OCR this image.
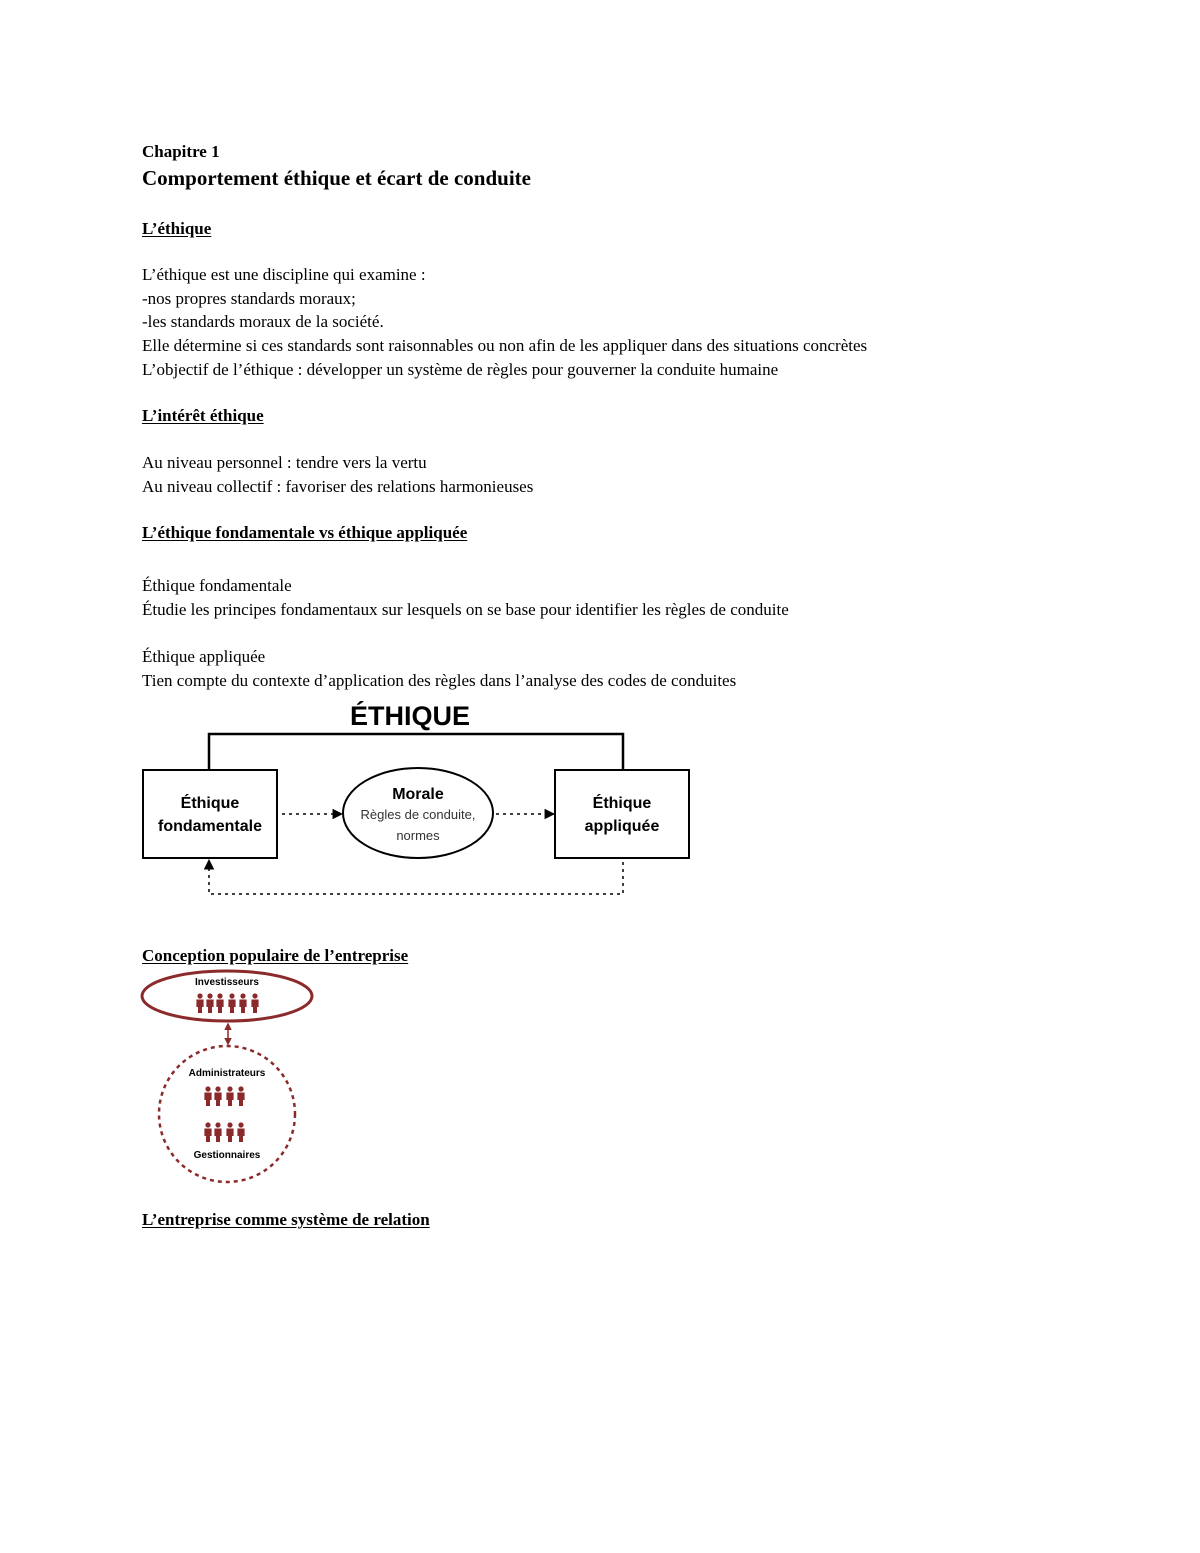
Chapitre 1
Comportement éthique et écart de conduite
L’éthique
L’éthique est une discipline qui examine :
-nos propres standards moraux;
-les standards moraux de la société.
Elle détermine si ces standards sont raisonnables ou non afin de les appliquer dans des situations concrètes
L’objectif de l’éthique : développer un système de règles pour gouverner la conduite humaine
L’intérêt éthique
Au niveau personnel : tendre vers la vertu
Au niveau collectif : favoriser des relations harmonieuses
L’éthique fondamentale vs éthique appliquée
Éthique fondamentale
Étudie les principes fondamentaux sur lesquels on se base pour identifier les règles de conduite
Éthique appliquée
Tien compte du contexte d’application des règles dans l’analyse des codes de conduites
ÉTHIQUE
Éthique
fondamentale
Éthique
appliquée
Morale
Règles de conduite,
normes
Conception populaire de l’entreprise
Investisseurs
Administrateurs
Gestionnaires
L’entreprise comme système de relation
